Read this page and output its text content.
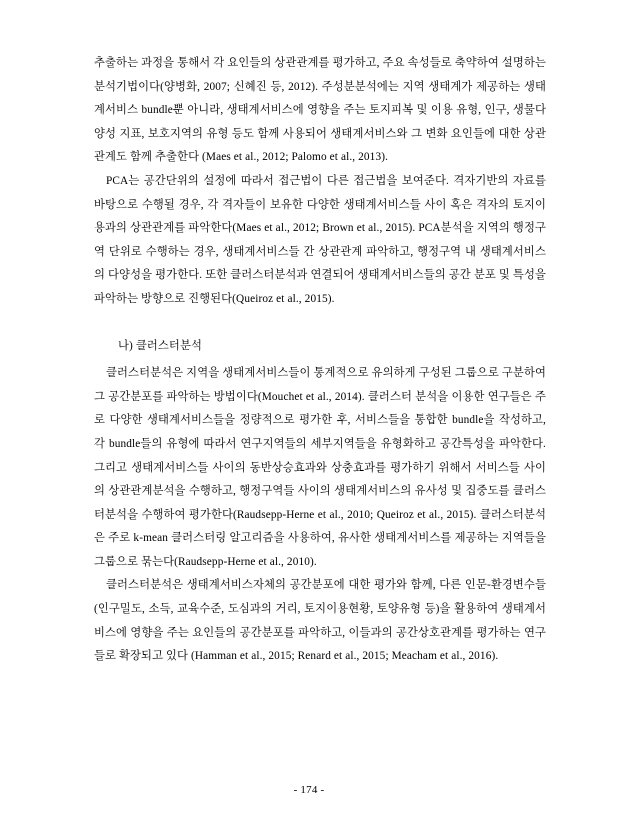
추출하는 과정을 통해서 각 요인들의 상관관계를 평가하고, 주요 속성들로 축약하여 설명하는 분석기법이다(양병화, 2007; 신혜진 등, 2012). 주성분분석에는 지역 생태계가 제공하는 생태계서비스 bundle뿐 아니라, 생태계서비스에 영향을 주는 토지피복 및 이용 유형, 인구, 생물다양성 지표, 보호지역의 유형 등도 함께 사용되어 생태계서비스와 그 변화 요인들에 대한 상관관계도 함께 추출한다 (Maes et al., 2012; Palomo et al., 2013).

PCA는 공간단위의 설정에 따라서 접근법이 다른 접근법을 보여준다. 격자기반의 자료를 바탕으로 수행될 경우, 각 격자들이 보유한 다양한 생태계서비스들 사이 혹은 격자의 토지이용과의 상관관계를 파악한다(Maes et al., 2012; Brown et al., 2015). PCA분석을 지역의 행정구역 단위로 수행하는 경우, 생태계서비스들 간 상관관계 파악하고, 행정구역 내 생태계서비스의 다양성을 평가한다. 또한 클러스터분석과 연결되어 생태계서비스들의 공간 분포 및 특성을 파악하는 방향으로 진행된다(Queiroz et al., 2015).

나) 클러스터분석

클러스터분석은 지역을 생태계서비스들이 통계적으로 유의하게 구성된 그룹으로 구분하여 그 공간분포를 파악하는 방법이다(Mouchet et al., 2014). 클러스터 분석을 이용한 연구들은 주로 다양한 생태계서비스들을 정량적으로 평가한 후, 서비스들을 통합한 bundle을 작성하고, 각 bundle들의 유형에 따라서 연구지역들의 세부지역들을 유형화하고 공간특성을 파악한다. 그리고 생태계서비스들 사이의 동반상승효과와 상충효과를 평가하기 위해서 서비스들 사이의 상관관계분석을 수행하고, 행정구역들 사이의 생태계서비스의 유사성 및 집중도를 클러스터분석을 수행하여 평가한다(Raudsepp-Herne et al., 2010; Queiroz et al., 2015). 클러스터분석은 주로 k-mean 클러스터링 알고리즘을 사용하여, 유사한 생태계서비스를 제공하는 지역들을 그룹으로 묶는다(Raudsepp-Herne et al., 2010).

클러스터분석은 생태계서비스자체의 공간분포에 대한 평가와 함께, 다른 인문-환경변수들(인구밀도, 소득, 교육수준, 도심과의 거리, 토지이용현황, 토양유형 등)을 활용하여 생태계서비스에 영향을 주는 요인들의 공간분포를 파악하고, 이들과의 공간상호관계를 평가하는 연구들로 확장되고 있다 (Hamman et al., 2015; Renard et al., 2015; Meacham et al., 2016).

- 174 -
